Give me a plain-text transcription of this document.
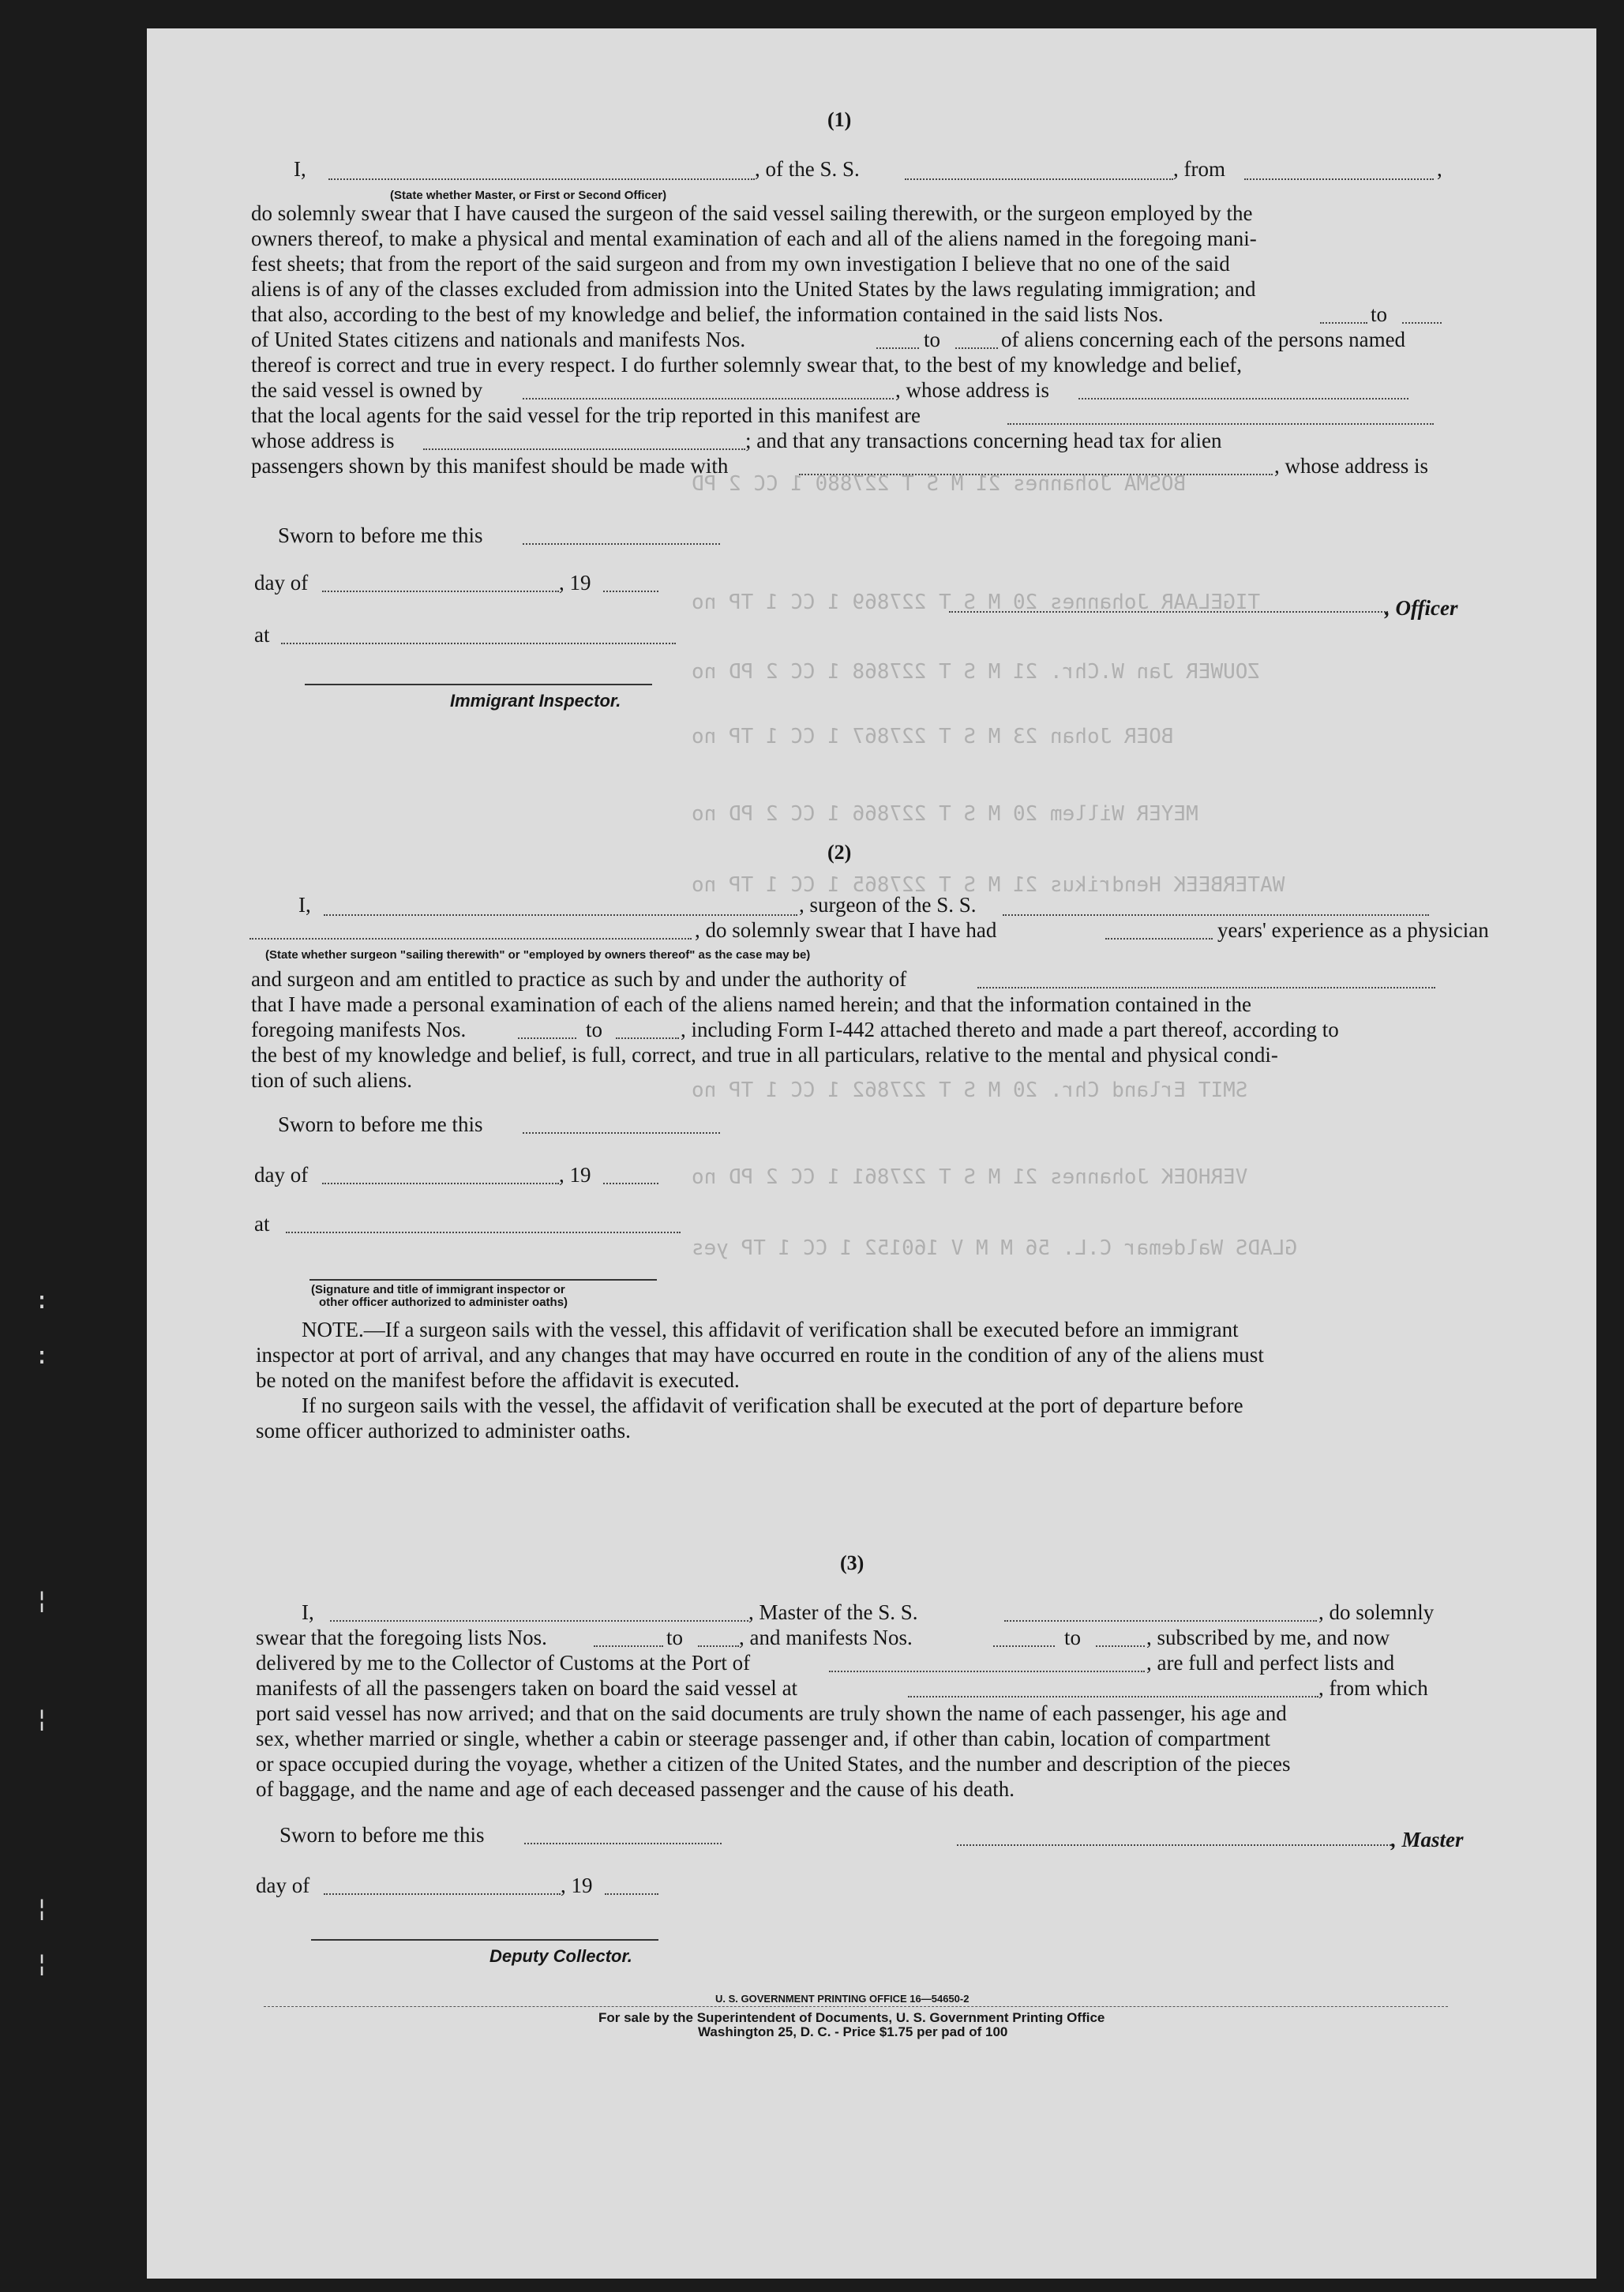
BOSMA Johannes 21 M S T 227880 1 CC 2 PD
TIGELAAR Johannes 20 M S T 227869 1 CC 1 TP no
ZOUWER Jan W.Chr. 21 M S T 227868 1 CC 2 PD no
BOER Johan 23 M S T 227867 1 CC 1 TP no
MEYER Willem 20 M S T 227866 1 CC 2 PD no
WATERBEEK Hendrikus 21 M S T 227865 1 CC 1 TP no
SMIT Erland Chr. 20 M S T 227862 1 CC 1 TP no
VERHOEK Johannes 21 M S T 227861 1 CC 2 PD no
GLADS Waldemar C.L. 56 M M V 160152 1 CC 1 TP yes
(1)
I,	, of the S. S.	, from	,
(State whether Master, or First or Second Officer)
do solemnly swear that I have caused the surgeon of the said vessel sailing therewith, or the surgeon employed by the
owners thereof, to make a physical and mental examination of each and all of the aliens named in the foregoing mani-
fest sheets; that from the report of the said surgeon and from my own investigation I believe that no one of the said
aliens is of any of the classes excluded from admission into the United States by the laws regulating immigration; and
that also, according to the best of my knowledge and belief, the information contained in the said lists Nos.	to
of United States citizens and nationals and manifests Nos.	to	of aliens concerning each of the persons named
thereof is correct and true in every respect. I do further solemnly swear that, to the best of my knowledge and belief,
the said vessel is owned by	, whose address is
that the local agents for the said vessel for the trip reported in this manifest are
whose address is	; and that any transactions concerning head tax for alien
passengers shown by this manifest should be made with	, whose address is
Sworn to before me this
day of	, 19
, Officer
at
Immigrant Inspector.
(2)
I,	, surgeon of the S. S.
, do solemnly swear that I have had	years' experience as a physician
(State whether surgeon "sailing therewith" or "employed by owners thereof" as the case may be)
and surgeon and am entitled to practice as such by and under the authority of
that I have made a personal examination of each of the aliens named herein; and that the information contained in the
foregoing manifests Nos.	to	, including Form I-442 attached thereto and made a part thereof, according to
the best of my knowledge and belief, is full, correct, and true in all particulars, relative to the mental and physical condi-
tion of such aliens.
Sworn to before me this
day of	, 19
at
(Signature and title of immigrant inspector or
other officer authorized to administer oaths)
NOTE.—If a surgeon sails with the vessel, this affidavit of verification shall be executed before an immigrant
inspector at port of arrival, and any changes that may have occurred en route in the condition of any of the aliens must
be noted on the manifest before the affidavit is executed.
If no surgeon sails with the vessel, the affidavit of verification shall be executed at the port of departure before
some officer authorized to administer oaths.
(3)
I,	, Master of the S. S.	, do solemnly
swear that the foregoing lists Nos.	to	, and manifests Nos.	to	, subscribed by me, and now
delivered by me to the Collector of Customs at the Port of	, are full and perfect lists and
manifests of all the passengers taken on board the said vessel at	, from which
port said vessel has now arrived; and that on the said documents are truly shown the name of each passenger, his age and
sex, whether married or single, whether a cabin or steerage passenger and, if other than cabin, location of compartment
or space occupied during the voyage, whether a citizen of the United States, and the number and description of the pieces
of baggage, and the name and age of each deceased passenger and the cause of his death.
Sworn to before me this	, Master
day of	, 19
Deputy Collector.
U. S. GOVERNMENT PRINTING OFFICE 16—54650-2
For sale by the Superintendent of Documents, U. S. Government Printing Office
Washington 25, D. C. - Price $1.75 per pad of 100
:
:
¦
¦
¦
¦
